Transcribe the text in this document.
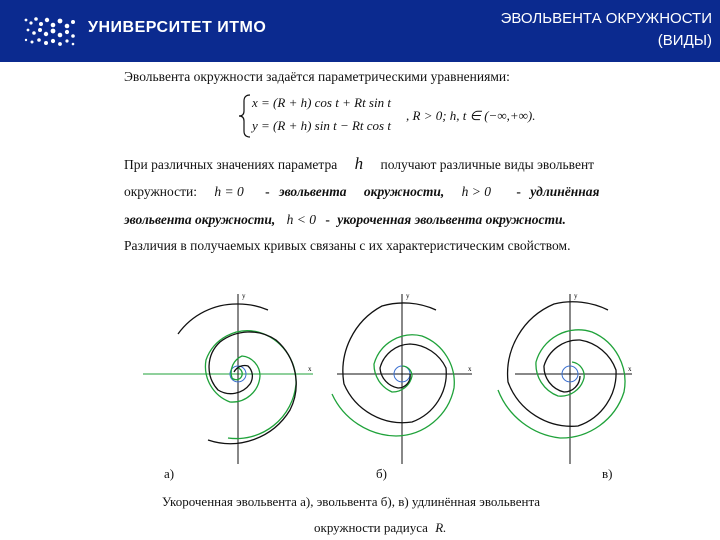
УНИВЕРСИТЕТ ИТМО
ЭВОЛЬВЕНТА ОКРУЖНОСТИ
(ВИДЫ)
Эвольвента окружности задаётся параметрическими уравнениями:
x = (R + h) cos t + Rt sin t
y = (R + h) sin t − Rt cos t
, R > 0; h, t ∈ (−∞,+∞).
При различных значениях параметра h получают различные виды эвольвент
окружности: h = 0 - эвольвента окружности, h > 0 - удлинённая
эвольвента окружности, h < 0 - укороченная эвольвента окружности.
Различия в получаемых кривых связаны с их характеристическим свойством.
y
x
y
x
y
x
а)	б)	в)
Укороченная эвольвента а), эвольвента б), в) удлинённая эвольвента
окружности радиуса R.
